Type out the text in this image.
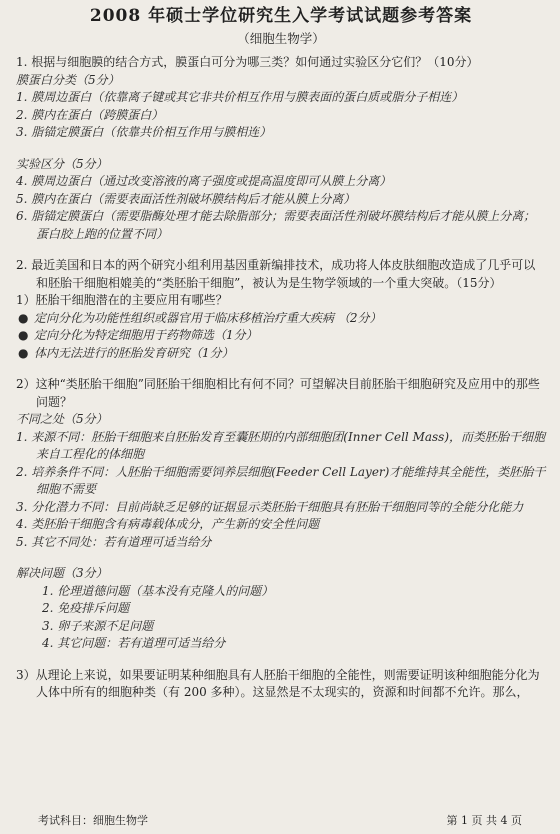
2008 年硕士学位研究生入学考试试题参考答案
（细胞生物学）

1. 根据与细胞膜的结合方式，膜蛋白可分为哪三类？如何通过实验区分它们？（10分）

膜蛋白分类（5分）

1. 膜周边蛋白（依靠离子键或其它非共价相互作用与膜表面的蛋白质或脂分子相连）

2. 膜内在蛋白（跨膜蛋白）

3. 脂锚定膜蛋白（依靠共价相互作用与膜相连）

实验区分（5分）

4. 膜周边蛋白（通过改变溶液的离子强度或提高温度即可从膜上分离）

5. 膜内在蛋白（需要表面活性剂破坏膜结构后才能从膜上分离）

6. 脂锚定膜蛋白（需要脂酶处理才能去除脂部分；需要表面活性剂破坏膜结构后才能从膜上分离；蛋白胶上跑的位置不同）

2. 最近美国和日本的两个研究小组利用基因重新编排技术，成功将人体皮肤细胞改造成了几乎可以和胚胎干细胞相媲美的“类胚胎干细胞”，被认为是生物学领域的一个重大突破。（15分）

1）胚胎干细胞潜在的主要应用有哪些？

● 定向分化为功能性组织或器官用于临床移植治疗重大疾病 （2分）

● 定向分化为特定细胞用于药物筛选（1分）

● 体内无法进行的胚胎发育研究（1分）

2）这种“类胚胎干细胞”同胚胎干细胞相比有何不同？可望解决目前胚胎干细胞研究及应用中的那些问题？

不同之处（5分）

1. 来源不同：胚胎干细胞来自胚胎发育至囊胚期的内部细胞团(Inner Cell Mass)，而类胚胎干细胞来自工程化的体细胞

2. 培养条件不同：人胚胎干细胞需要饲养层细胞(Feeder Cell Layer)才能维持其全能性，类胚胎干细胞不需要

3. 分化潜力不同：目前尚缺乏足够的证据显示类胚胎干细胞具有胚胎干细胞同等的全能分化能力

4. 类胚胎干细胞含有病毒载体成分，产生新的安全性问题

5. 其它不同处：若有道理可适当给分

解决问题（3分）

1. 伦理道德问题（基本没有克隆人的问题）

2. 免疫排斥问题

3. 卵子来源不足问题

4. 其它问题：若有道理可适当给分

3）从理论上来说，如果要证明某种细胞具有人胚胎干细胞的全能性，则需要证明该种细胞能分化为人体中所有的细胞种类（有 200 多种）。这显然是不太现实的，资源和时间都不允许。那么，

考试科目：细胞生物学	第 1 页 共 4 页
